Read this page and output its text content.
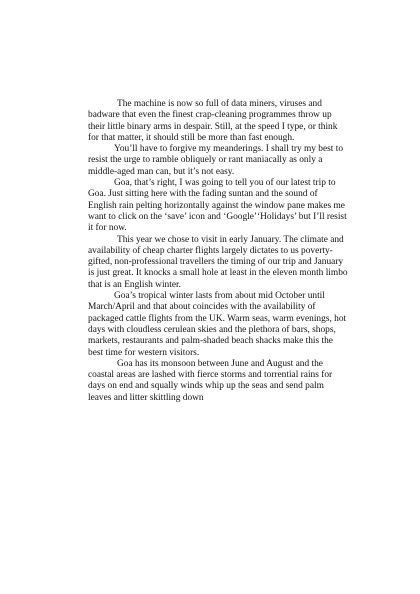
The machine is now so full of data miners, viruses and badware that even the finest crap-cleaning programmes throw up their little binary arms in despair. Still, at the speed I type, or think for that matter, it should still be more than fast enough.

You’ll have to forgive my meanderings. I shall try my best to resist the urge to ramble obliquely or rant maniacally as only a middle-aged man can, but it’s not easy.

Goa, that’s right, I was going to tell you of our latest trip to Goa. Just sitting here with the fading suntan and the sound of English rain pelting horizontally against the window pane makes me want to click on the ‘save’ icon and ‘Google’‘Holidays’ but I’ll resist it for now.

This year we chose to visit in early January. The climate and availability of cheap charter flights largely dictates to us poverty-gifted, non-professional travellers the timing of our trip and January is just great. It knocks a small hole at least in the eleven month limbo that is an English winter.

Goa’s tropical winter lasts from about mid October until March/April and that about coincides with the availability of packaged cattle flights from the UK. Warm seas, warm evenings, hot days with cloudless cerulean skies and the plethora of bars, shops, markets, restaurants and palm-shaded beach shacks make this the best time for western visitors.

Goa has its monsoon between June and August and the coastal areas are lashed with fierce storms and torrential rains for days on end and squally winds whip up the seas and send palm leaves and litter skittling down
